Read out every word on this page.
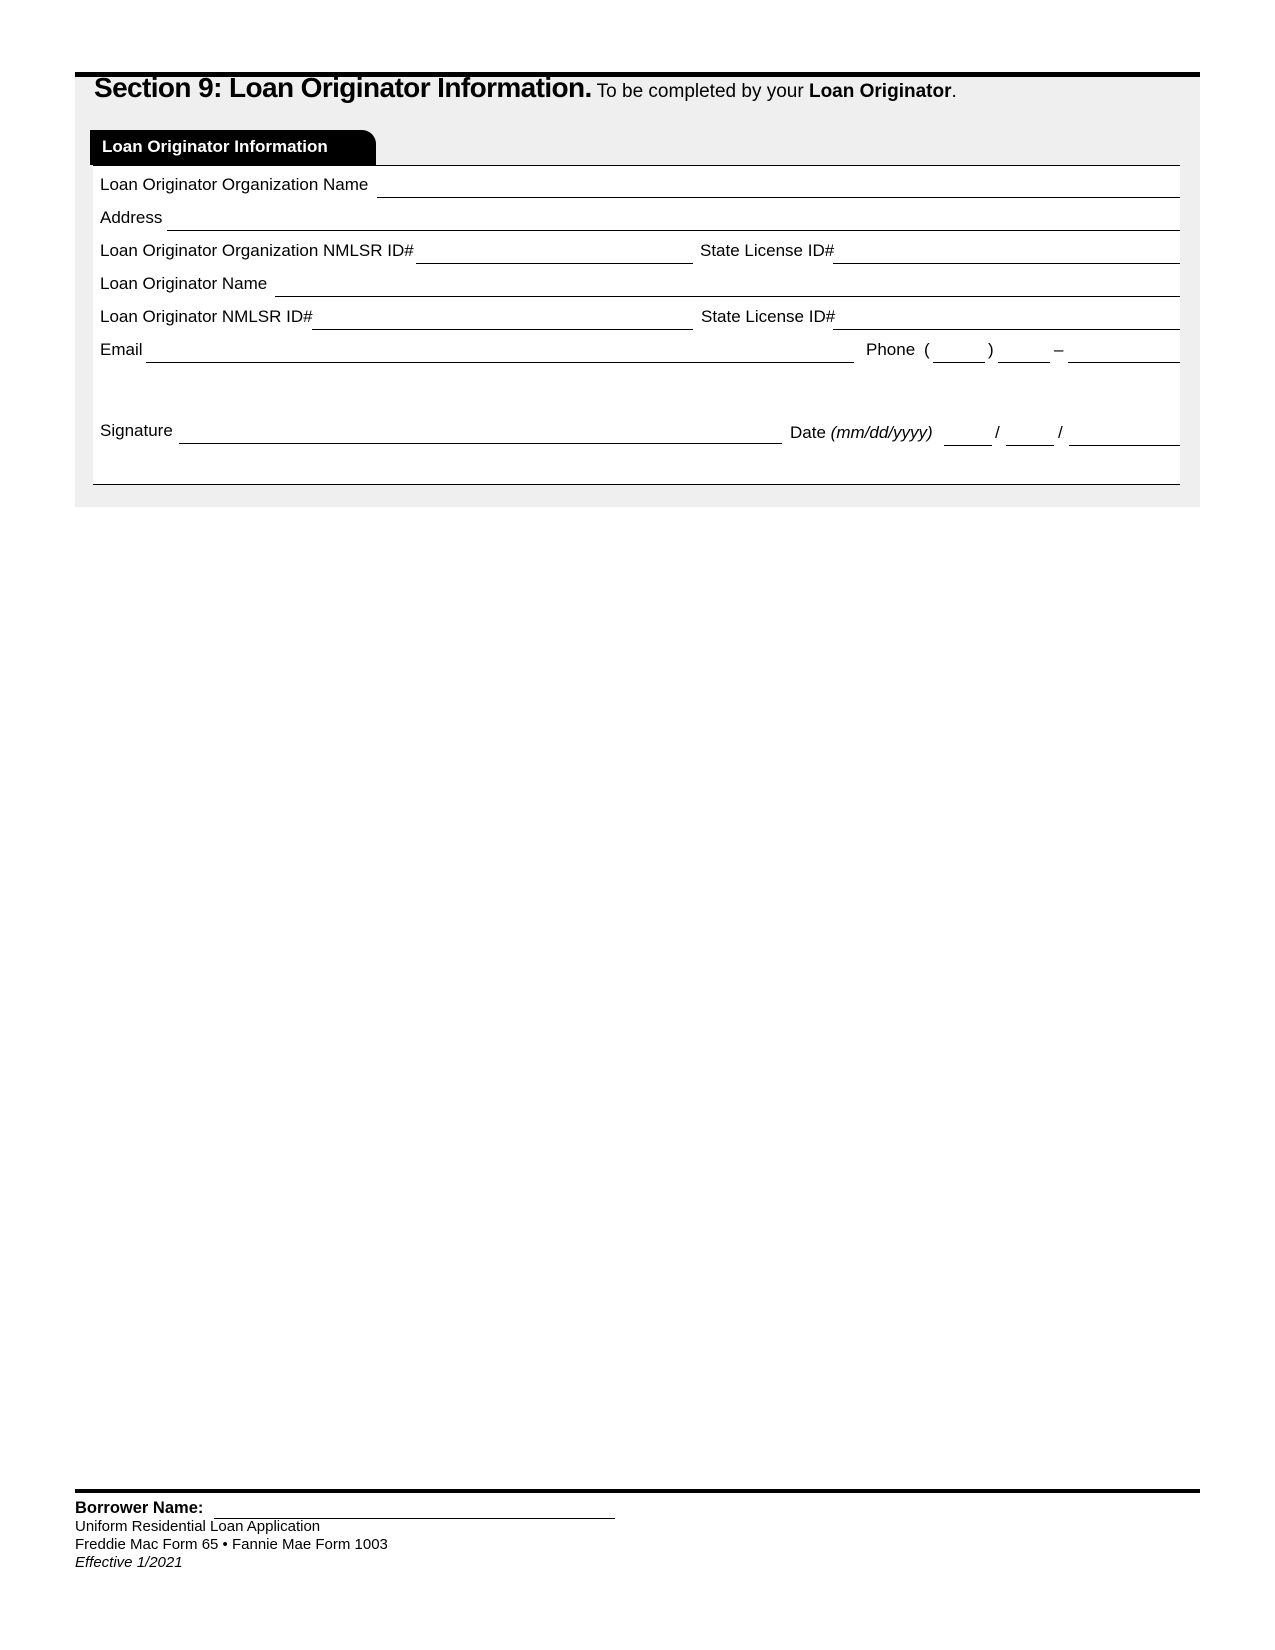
Section 9: Loan Originator Information. To be completed by your Loan Originator.
Loan Originator Information
Loan Originator Organization Name
Address
Loan Originator Organization NMLSR ID#	State License ID#
Loan Originator Name
Loan Originator NMLSR ID#	State License ID#
Email	Phone (	)	–
Signature	Date (mm/dd/yyyy)	/	/
Borrower Name:
Uniform Residential Loan Application
Freddie Mac Form 65 • Fannie Mae Form 1003
Effective 1/2021
